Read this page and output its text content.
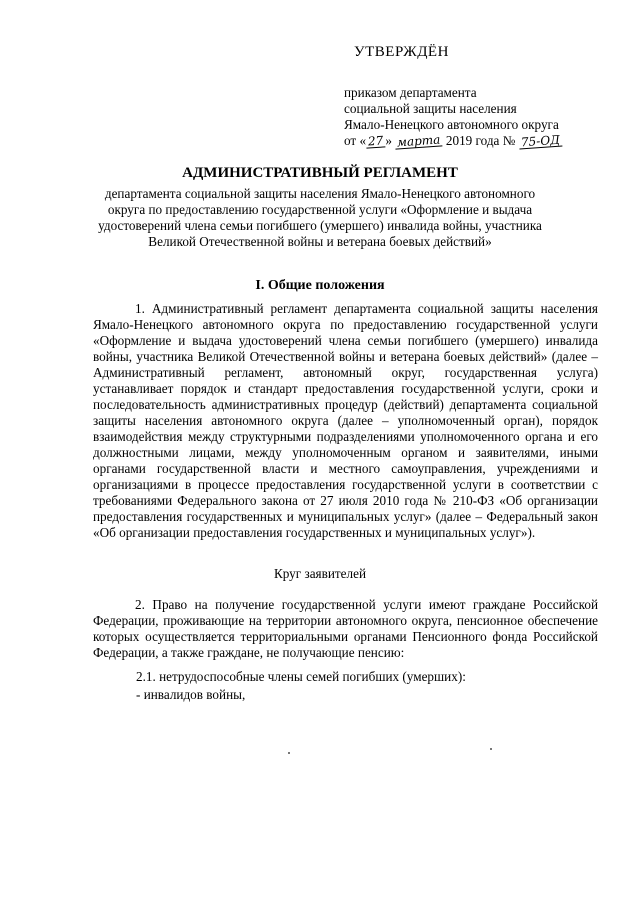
УТВЕРЖДЁН
приказом департамента
социальной защиты населения
Ямало-Ненецкого автономного округа
от «27 » марта 2019 года № 75-ОД
АДМИНИСТРАТИВНЫЙ РЕГЛАМЕНТ
департамента социальной защиты населения Ямало-Ненецкого автономного округа по предоставлению государственной услуги «Оформление и выдача удостоверений члена семьи погибшего (умершего) инвалида войны, участника Великой Отечественной войны и ветерана боевых действий»
I. Общие положения
1. Административный регламент департамента социальной защиты населения Ямало-Ненецкого автономного округа по предоставлению государственной услуги «Оформление и выдача удостоверений члена семьи погибшего (умершего) инвалида войны, участника Великой Отечественной войны и ветерана боевых действий» (далее – Административный регламент, автономный округ, государственная услуга) устанавливает порядок и стандарт предоставления государственной услуги, сроки и последовательность административных процедур (действий) департамента социальной защиты населения автономного округа (далее – уполномоченный орган), порядок взаимодействия между структурными подразделениями уполномоченного органа и его должностными лицами, между уполномоченным органом и заявителями, иными органами государственной власти и местного самоуправления, учреждениями и организациями в процессе предоставления государственной услуги в соответствии с требованиями Федерального закона от 27 июля 2010 года № 210-ФЗ «Об организации предоставления государственных и муниципальных услуг» (далее – Федеральный закон «Об организации предоставления государственных и муниципальных услуг»).
Круг заявителей
2. Право на получение государственной услуги имеют граждане Российской Федерации, проживающие на территории автономного округа, пенсионное обеспечение которых осуществляется территориальными органами Пенсионного фонда Российской Федерации, а также граждане, не получающие пенсию:
2.1. нетрудоспособные члены семей погибших (умерших):
- инвалидов войны,
